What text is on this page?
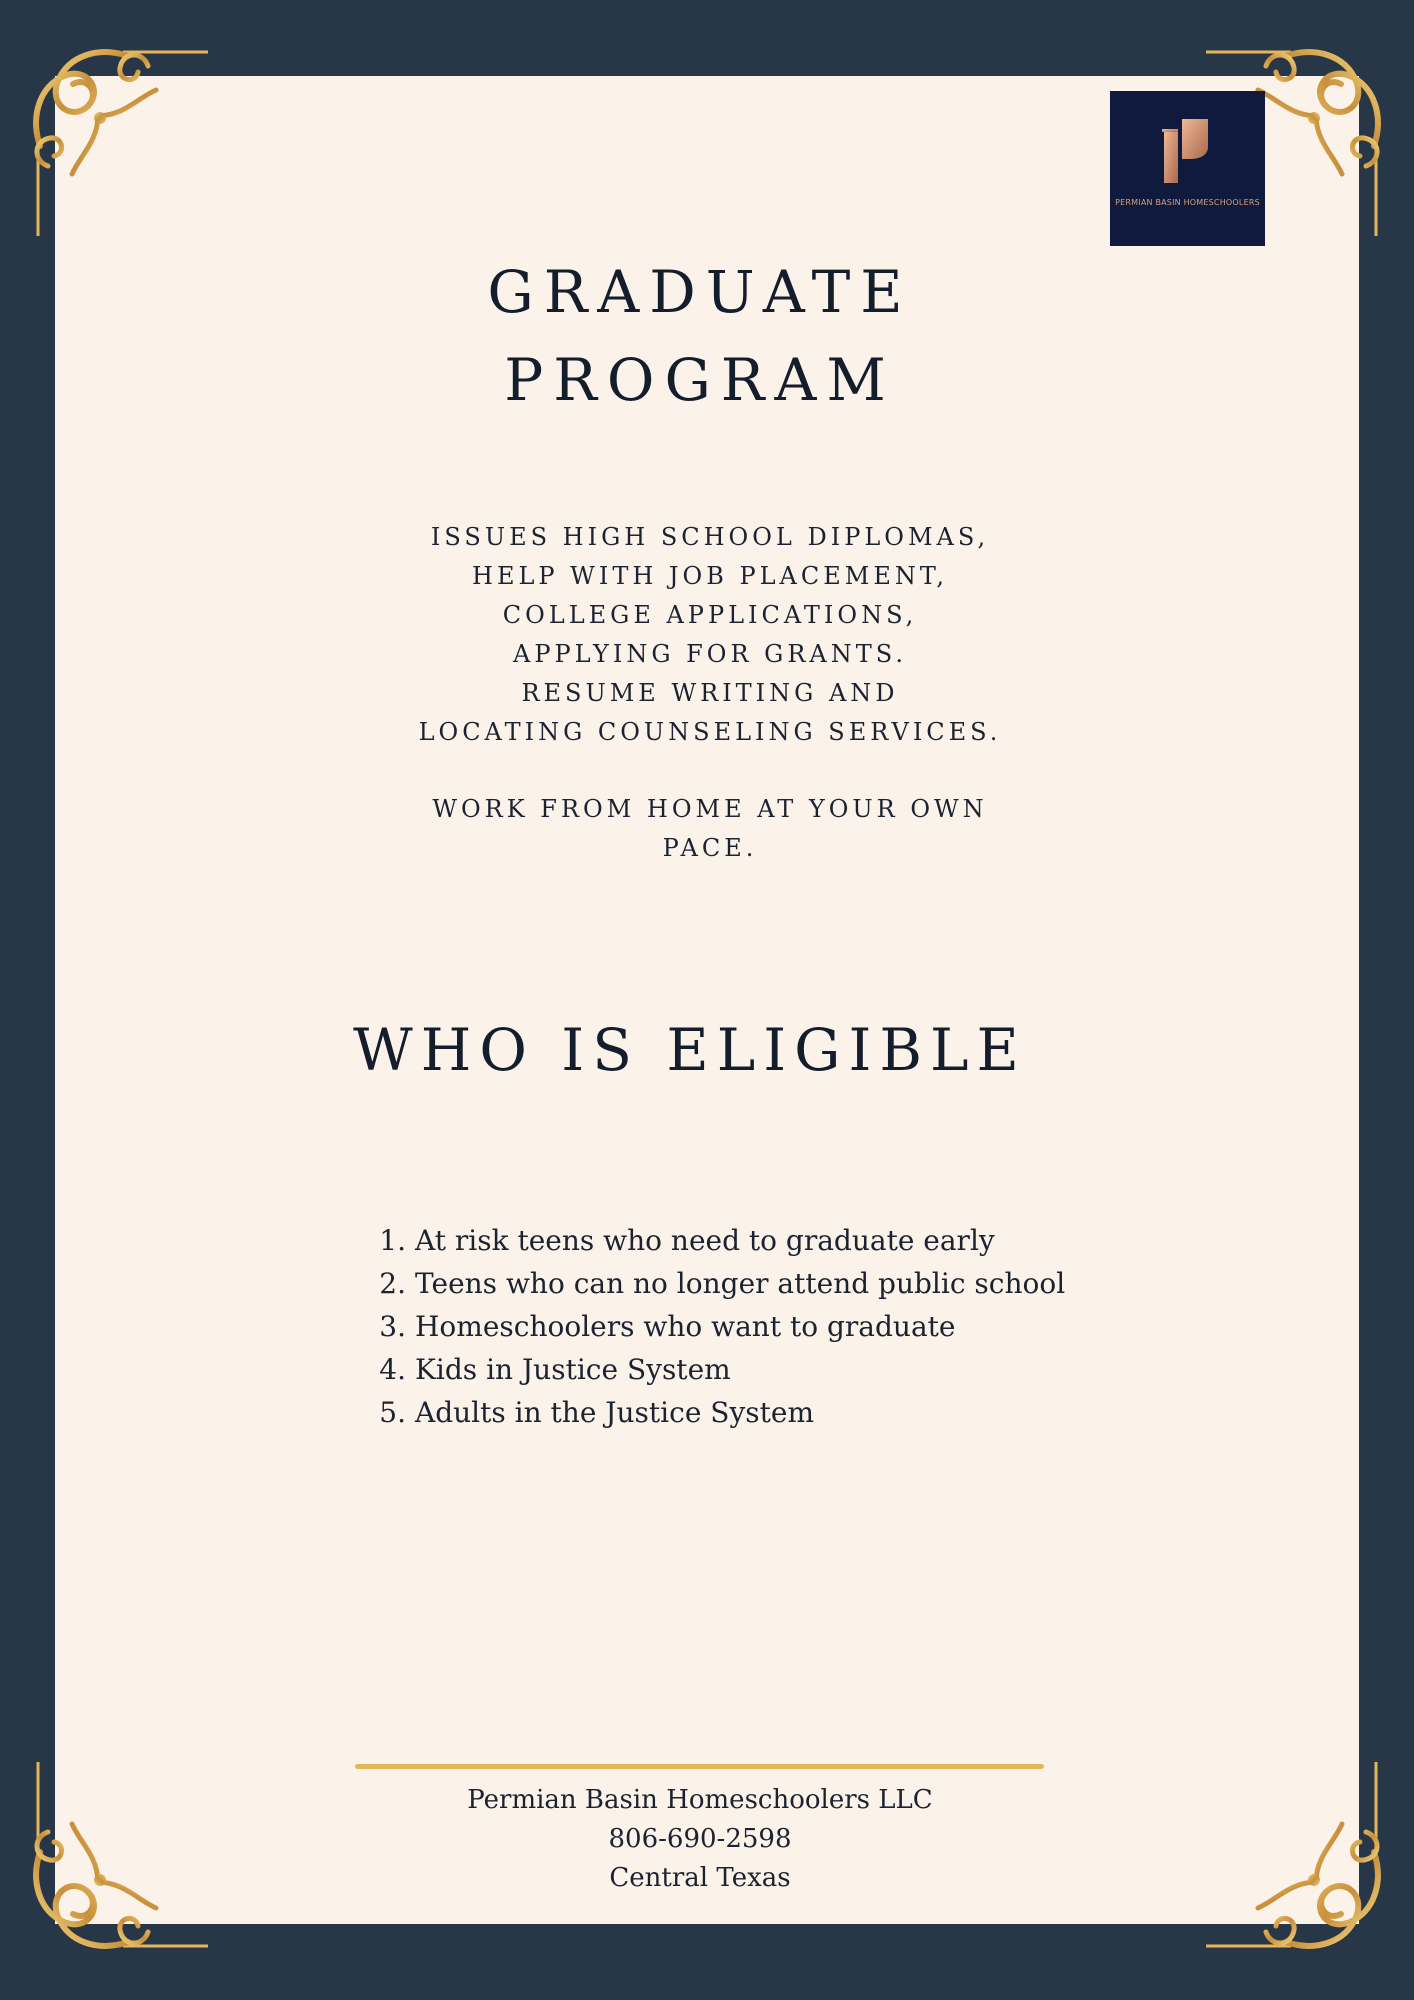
PERMIAN BASIN HOMESCHOOLERS
GRADUATE
PROGRAM
ISSUES HIGH SCHOOL DIPLOMAS,
HELP WITH JOB PLACEMENT,
COLLEGE APPLICATIONS,
APPLYING FOR GRANTS.
RESUME WRITING AND
LOCATING COUNSELING SERVICES.
WORK FROM HOME AT YOUR OWN
PACE.
WHO IS ELIGIBLE
1. At risk teens who need to graduate early
2. Teens who can no longer attend public school
3. Homeschoolers who want to graduate
4. Kids in Justice System
5. Adults in the Justice System
Permian Basin Homeschoolers LLC
806-690-2598
Central Texas
